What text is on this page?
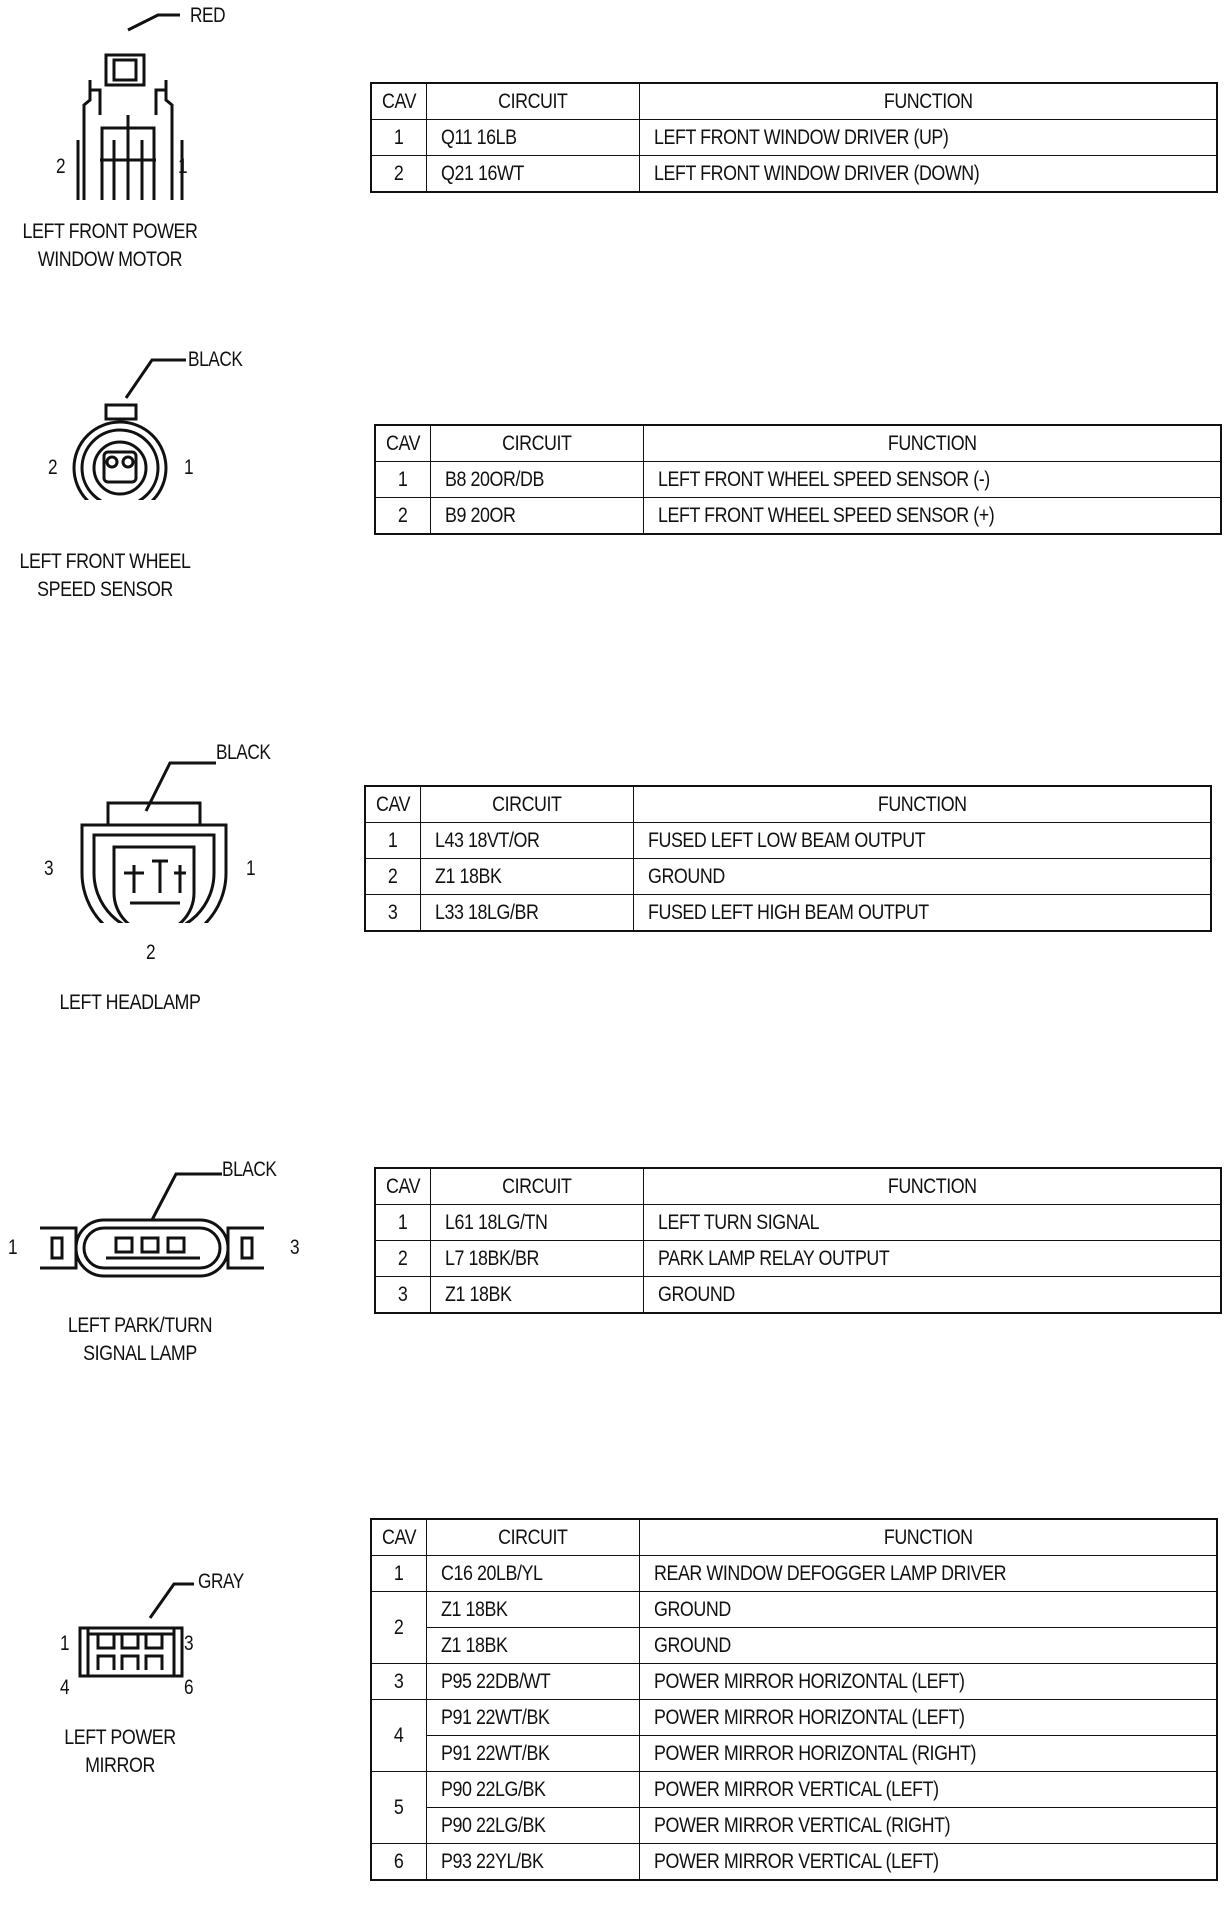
RED
2	1
LEFT FRONT POWER
WINDOW MOTOR
CAV	CIRCUIT	FUNCTION
1	Q11 16LB	LEFT FRONT WINDOW DRIVER (UP)
2	Q21 16WT	LEFT FRONT WINDOW DRIVER (DOWN)
BLACK
2	1
LEFT FRONT WHEEL
SPEED SENSOR
CAV	CIRCUIT	FUNCTION
1	B8 20OR/DB	LEFT FRONT WHEEL SPEED SENSOR (-)
2	B9 20OR	LEFT FRONT WHEEL SPEED SENSOR (+)
BLACK
3	1
2
LEFT HEADLAMP
CAV	CIRCUIT	FUNCTION
1	L43 18VT/OR	FUSED LEFT LOW BEAM OUTPUT
2	Z1 18BK	GROUND
3	L33 18LG/BR	FUSED LEFT HIGH BEAM OUTPUT
BLACK
1	3
LEFT PARK/TURN
SIGNAL LAMP
CAV	CIRCUIT	FUNCTION
1	L61 18LG/TN	LEFT TURN SIGNAL
2	L7 18BK/BR	PARK LAMP RELAY OUTPUT
3	Z1 18BK	GROUND
GRAY
1	3
4	6
LEFT POWER
MIRROR
CAV	CIRCUIT	FUNCTION
1	C16 20LB/YL	REAR WINDOW DEFOGGER LAMP DRIVER
2	Z1 18BK	GROUND
	Z1 18BK	GROUND
3	P95 22DB/WT	POWER MIRROR HORIZONTAL (LEFT)
4	P91 22WT/BK	POWER MIRROR HORIZONTAL (LEFT)
	P91 22WT/BK	POWER MIRROR HORIZONTAL (RIGHT)
5	P90 22LG/BK	POWER MIRROR VERTICAL (LEFT)
	P90 22LG/BK	POWER MIRROR VERTICAL (RIGHT)
6	P93 22YL/BK	POWER MIRROR VERTICAL (LEFT)
